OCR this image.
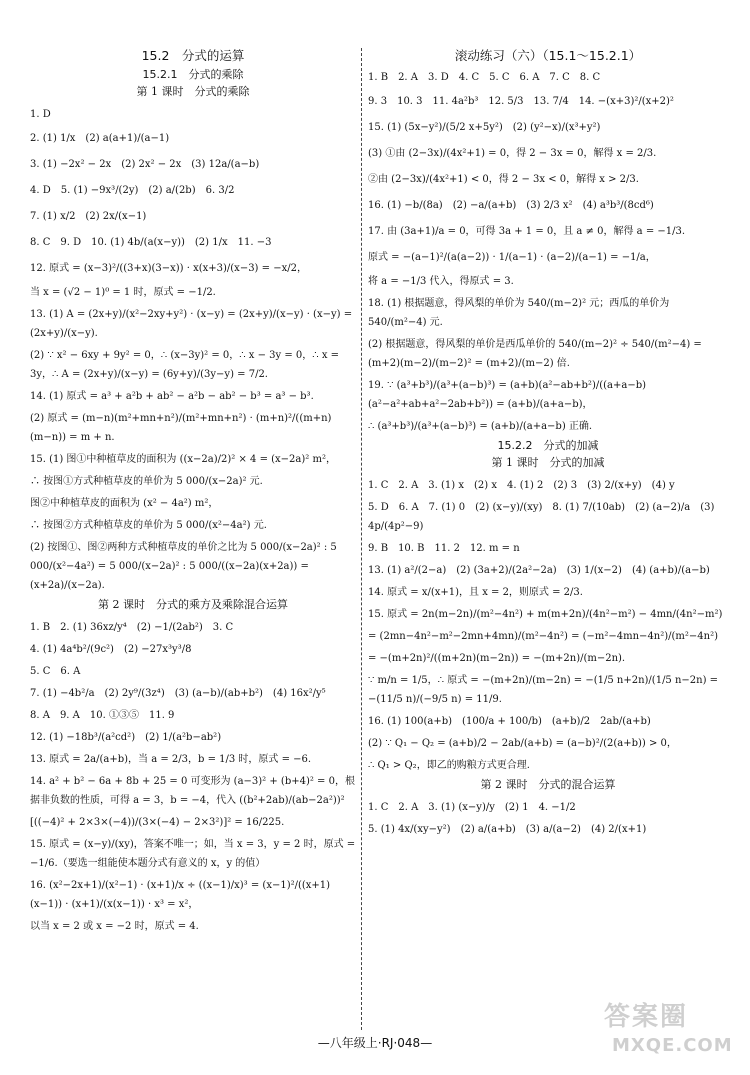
15.2　分式的运算
15.2.1　分式的乘除
第 1 课时　分式的乘除
1. D
2. (1) 1/x　(2) a(a+1)/(a−1)
3. (1) −2x² − 2x　(2) 2x² − 2x　(3) 12a/(a−b)
4. D　5. (1) −9x³/(2y)　(2) a/(2b)　6. 3/2
7. (1) x/2　(2) 2x/(x−1)
8. C　9. D　10. (1) 4b/(a(x−y))　(2) 1/x　11. −3
12. 原式 = (x−3)²/((3+x)(3−x)) · x(x+3)/(x−3) = −x/2，
当 x = (√2 − 1)⁰ = 1 时，原式 = −1/2.
13. (1) A = (2x+y)/(x²−2xy+y²) · (x−y) = (2x+y)/(x−y) · (x−y) = (2x+y)/(x−y).
(2) ∵ x² − 6xy + 9y² = 0，∴ (x−3y)² = 0，∴ x − 3y = 0，∴ x = 3y，∴ A = (2x+y)/(x−y) = (6y+y)/(3y−y) = 7/2.
14. (1) 原式 = a³ + a²b + ab² − a²b − ab² − b³ = a³ − b³.
(2) 原式 = (m−n)(m²+mn+n²)/(m²+mn+n²) · (m+n)²/((m+n)(m−n)) = m + n.
15. (1) 图①中种植草皮的面积为 ((x−2a)/2)² × 4 = (x−2a)² m²，
∴ 按图①方式种植草皮的单价为 5 000/(x−2a)² 元.
图②中种植草皮的面积为 (x² − 4a²) m²，
∴ 按图②方式种植草皮的单价为 5 000/(x²−4a²) 元.
(2) 按图①、图②两种方式种植草皮的单价之比为 5 000/(x−2a)² : 5 000/(x²−4a²) = 5 000/(x−2a)² : 5 000/((x−2a)(x+2a)) = (x+2a)/(x−2a).
第 2 课时　分式的乘方及乘除混合运算
1. B　2. (1) 36xz/y⁴　(2) −1/(2ab²)　3. C
4. (1) 4a⁴b²/(9c²)　(2) −27x³y³/8
5. C　6. A
7. (1) −4b²/a　(2) 2y⁹/(3z⁴)　(3) (a−b)/(ab+b²)　(4) 16x²/y⁵
8. A　9. A　10. ①③⑤　11. 9
12. (1) −18b³/(a²cd²)　(2) 1/(a²b−ab²)
13. 原式 = 2a/(a+b)，当 a = 2/3，b = 1/3 时，原式 = −6.
14. a² + b² − 6a + 8b + 25 = 0 可变形为 (a−3)² + (b+4)² = 0，根据非负数的性质，可得 a = 3，b = −4，代入 ((b²+2ab)/(ab−2a²))²
[((−4)² + 2×3×(−4))/(3×(−4) − 2×3²)]² = 16/225.
15. 原式 = (x−y)/(xy)，答案不唯一；如，当 x = 3，y = 2 时，原式 = −1/6.（要选一组能使本题分式有意义的 x，y 的值）
16. (x²−2x+1)/(x²−1) · (x+1)/x ÷ ((x−1)/x)³ = (x−1)²/((x+1)(x−1)) · (x+1)/(x(x−1)) · x³ = x²，
以当 x = 2 或 x = −2 时，原式 = 4.
滚动练习（六）（15.1～15.2.1）
1. B　2. A　3. D　4. C　5. C　6. A　7. C　8. C
9. 3　10. 3　11. 4a²b³　12. 5/3　13. 7/4　14. −(x+3)²/(x+2)²
15. (1) (5x−y²)/(5/2 x+5y²)　(2) (y²−x)/(x³+y²)
(3) ①由 (2−3x)/(4x²+1) = 0，得 2 − 3x = 0，解得 x = 2/3.
②由 (2−3x)/(4x²+1) < 0，得 2 − 3x < 0，解得 x > 2/3.
16. (1) −b/(8a)　(2) −a/(a+b)　(3) 2/3 x²　(4) a³b³/(8cd⁶)
17. 由 (3a+1)/a = 0，可得 3a + 1 = 0，且 a ≠ 0，解得 a = −1/3.
原式 = −(a−1)²/(a(a−2)) · 1/(a−1) · (a−2)/(a−1) = −1/a，
将 a = −1/3 代入，得原式 = 3.
18. (1) 根据题意，得风梨的单价为 540/(m−2)² 元；西瓜的单价为 540/(m²−4) 元.
(2) 根据题意，得风梨的单价是西瓜单价的 540/(m−2)² ÷ 540/(m²−4) = (m+2)(m−2)/(m−2)² = (m+2)/(m−2) 倍.
19. ∵ (a³+b³)/(a³+(a−b)³) = (a+b)(a²−ab+b²)/((a+a−b)(a²−a²+ab+a²−2ab+b²)) = (a+b)/(a+a−b)，
∴ (a³+b³)/(a³+(a−b)³) = (a+b)/(a+a−b) 正确.
15.2.2　分式的加减
第 1 课时　分式的加减
1. C　2. A　3. (1) x　(2) x　4. (1) 2　(2) 3　(3) 2/(x+y)　(4) y
5. D　6. A　7. (1) 0　(2) (x−y)/(xy)　8. (1) 7/(10ab)　(2) (a−2)/a　(3) 4p/(4p²−9)
9. B　10. B　11. 2　12. m = n
13. (1) a²/(2−a)　(2) (3a+2)/(2a²−2a)　(3) 1/(x−2)　(4) (a+b)/(a−b)
14. 原式 = x/(x+1)，且 x = 2，则原式 = 2/3.
15. 原式 = 2n(m−2n)/(m²−4n²) + m(m+2n)/(4n²−m²) − 4mn/(4n²−m²)
= (2mn−4n²−m²−2mn+4mn)/(m²−4n²) = (−m²−4mn−4n²)/(m²−4n²)
= −(m+2n)²/((m+2n)(m−2n)) = −(m+2n)/(m−2n).
∵ m/n = 1/5，∴ 原式 = −(m+2n)/(m−2n) = −(1/5 n+2n)/(1/5 n−2n) = −(11/5 n)/(−9/5 n) = 11/9.
16. (1) 100(a+b)　(100/a + 100/b)　(a+b)/2　2ab/(a+b)
(2) ∵ Q₁ − Q₂ = (a+b)/2 − 2ab/(a+b) = (a−b)²/(2(a+b)) > 0，
∴ Q₁ > Q₂，即乙的购粮方式更合理.
第 2 课时　分式的混合运算
1. C　2. A　3. (1) (x−y)/y　(2) 1　4. −1/2
5. (1) 4x/(xy−y²)　(2) a/(a+b)　(3) a/(a−2)　(4) 2/(x+1)
—八年级上·RJ·048—
答案圈
MXQE.COM
